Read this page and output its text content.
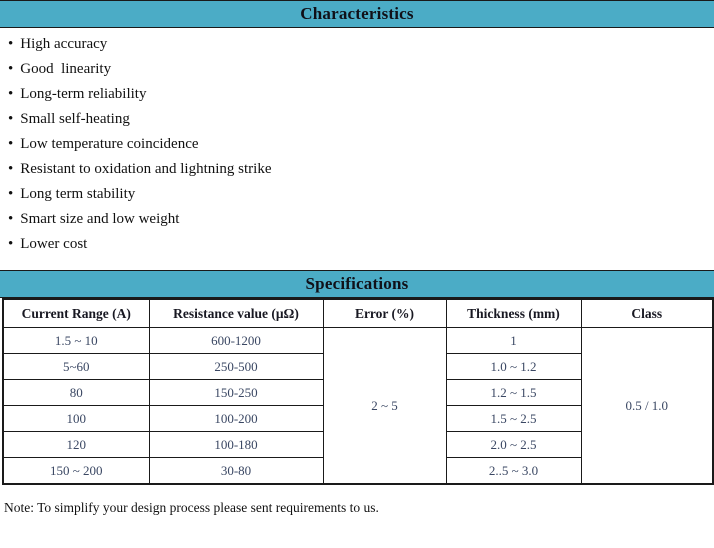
Characteristics
• High accuracy
• Good  linearity
• Long-term reliability
• Small self-heating
• Low temperature coincidence
• Resistant to oxidation and lightning strike
• Long term stability
• Smart size and low weight
• Lower cost
Specifications
Current Range (A)	Resistance value (μΩ)	Error (%)	Thickness (mm)	Class
1.5 ~ 10	600-1200	2 ~ 5	1	0.5 / 1.0
5~60	250-500		1.0 ~ 1.2	
80	150-250		1.2 ~ 1.5	
100	100-200		1.5 ~ 2.5	
120	100-180		2.0 ~ 2.5	
150 ~ 200	30-80		2..5 ~ 3.0	
Note: To simplify your design process please sent requirements to us.
